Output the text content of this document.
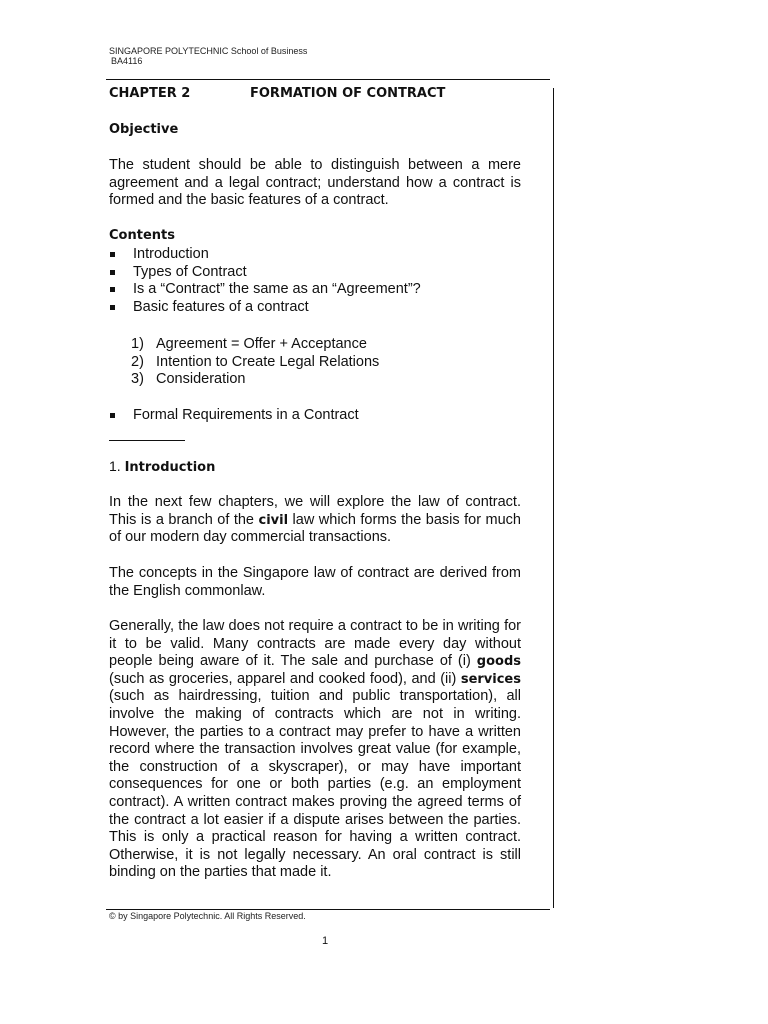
SINGAPORE POLYTECHNIC School of Business
BA4116
CHAPTER 2	FORMATION OF CONTRACT
Objective

The student should be able to distinguish between a mere agreement and a legal contract; understand how a contract is formed and the basic features of a contract.

Contents
Introduction
Types of Contract
Is a “Contract” the same as an “Agreement”?
Basic features of a contract
1) Agreement = Offer + Acceptance
2) Intention to Create Legal Relations
3) Consideration
Formal Requirements in a Contract
1. Introduction

In the next few chapters, we will explore the law of contract. This is a branch of the civil law which forms the basis for much of our modern day commercial transactions.

The concepts in the Singapore law of contract are derived from the English commonlaw.

Generally, the law does not require a contract to be in writing for it to be valid. Many contracts are made every day without people being aware of it. The sale and purchase of (i) goods (such as groceries, apparel and cooked food), and (ii) services (such as hairdressing, tuition and public transportation), all involve the making of contracts which are not in writing. However, the parties to a contract may prefer to have a written record where the transaction involves great value (for example, the construction of a skyscraper), or may have important consequences for one or both parties (e.g. an employment contract). A written contract makes proving the agreed terms of the contract a lot easier if a dispute arises between the parties. This is only a practical reason for having a written contract. Otherwise, it is not legally necessary. An oral contract is still binding on the parties that made it.

© by Singapore Polytechnic. All Rights Reserved.
1
